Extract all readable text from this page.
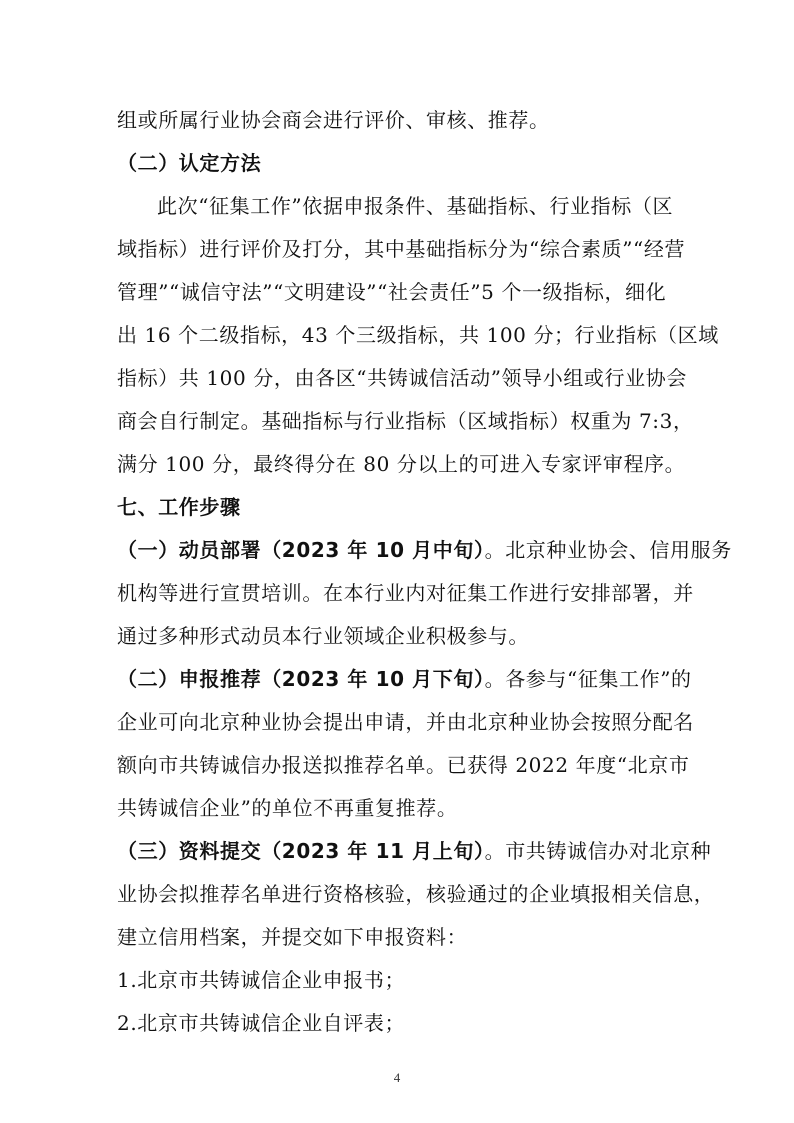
组或所属行业协会商会进行评价、审核、推荐。
（二）认定方法
此次“征集工作”依据申报条件、基础指标、行业指标（区
域指标）进行评价及打分，其中基础指标分为“综合素质”“经营
管理”“诚信守法”“文明建设”“社会责任”5 个一级指标，细化
出 16 个二级指标，43 个三级指标，共 100 分；行业指标（区域
指标）共 100 分，由各区“共铸诚信活动”领导小组或行业协会
商会自行制定。基础指标与行业指标（区域指标）权重为 7:3，
满分 100 分，最终得分在 80 分以上的可进入专家评审程序。
七、工作步骤
（一）动员部署（2023 年 10 月中旬）。北京种业协会、信用服务
机构等进行宣贯培训。在本行业内对征集工作进行安排部署，并
通过多种形式动员本行业领域企业积极参与。
（二）申报推荐（2023 年 10 月下旬）。各参与“征集工作”的
企业可向北京种业协会提出申请，并由北京种业协会按照分配名
额向市共铸诚信办报送拟推荐名单。已获得 2022 年度“北京市
共铸诚信企业”的单位不再重复推荐。
（三）资料提交（2023 年 11 月上旬）。市共铸诚信办对北京种
业协会拟推荐名单进行资格核验，核验通过的企业填报相关信息，
建立信用档案，并提交如下申报资料：
1.北京市共铸诚信企业申报书；
2.北京市共铸诚信企业自评表；
4
